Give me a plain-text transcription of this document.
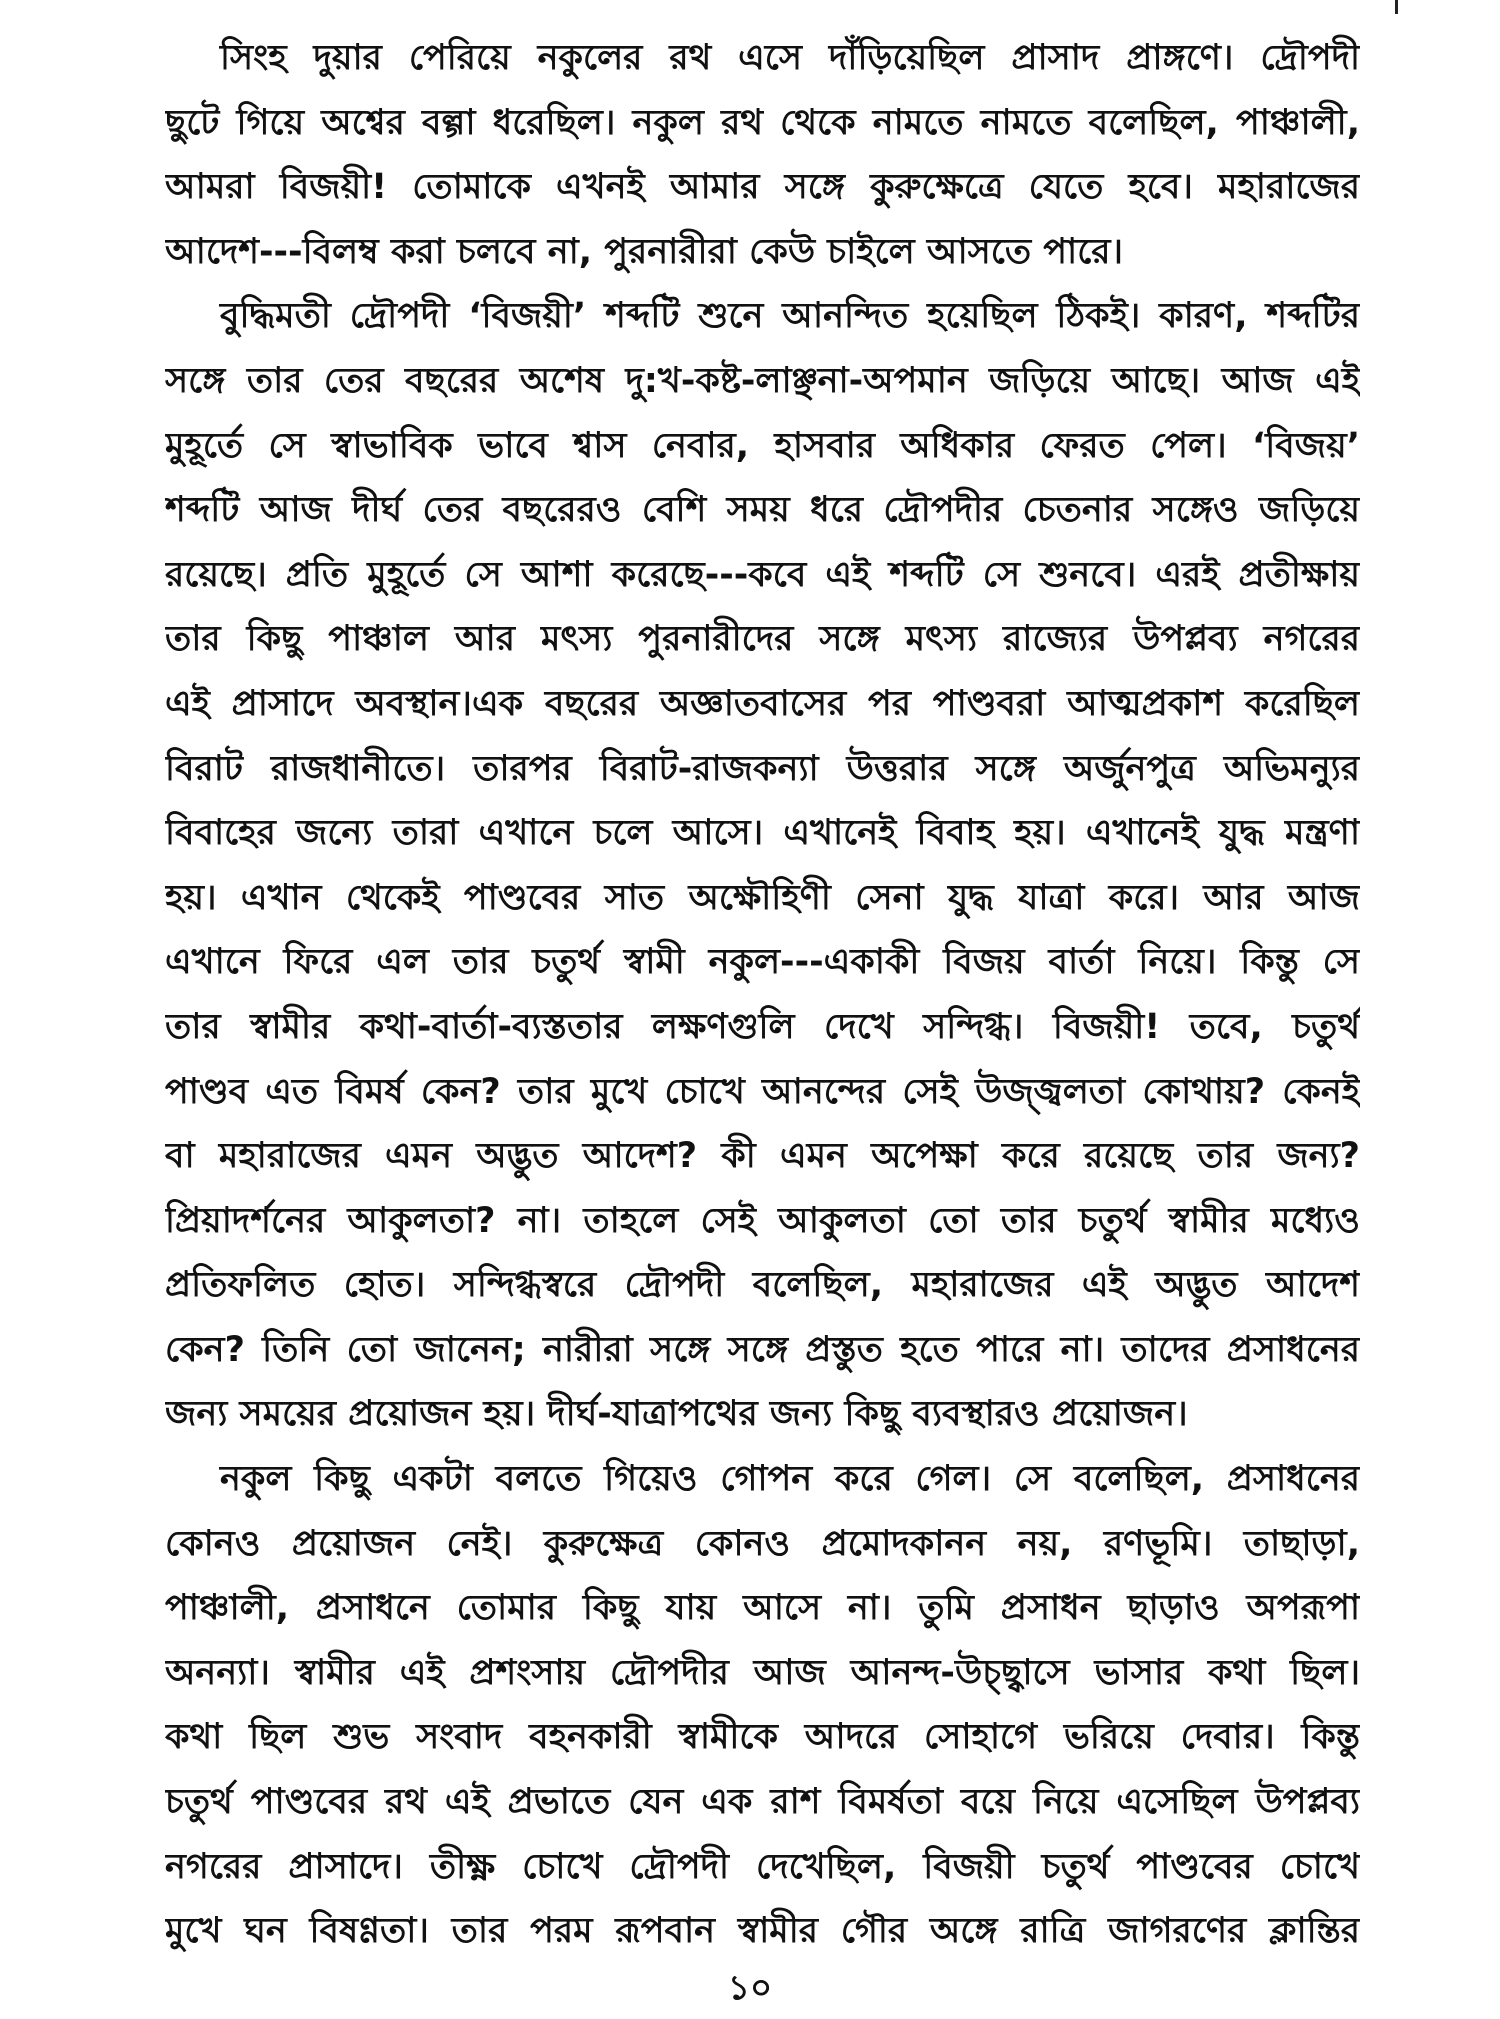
সিংহ দুয়ার পেরিয়ে নকুলের রথ এসে দাঁড়িয়েছিল প্রাসাদ প্রাঙ্গণে। দ্রৌপদী
ছুটে গিয়ে অশ্বের বল্গা ধরেছিল। নকুল রথ থেকে নামতে নামতে বলেছিল, পাঞ্চালী,
আমরা বিজয়ী! তোমাকে এখনই আমার সঙ্গে কুরুক্ষেত্রে যেতে হবে। মহারাজের
আদেশ---বিলম্ব করা চলবে না, পুরনারীরা কেউ চাইলে আসতে পারে।
বুদ্ধিমতী দ্রৌপদী ‘বিজয়ী’ শব্দটি শুনে আনন্দিত হয়েছিল ঠিকই। কারণ, শব্দটির
সঙ্গে তার তের বছরের অশেষ দু:খ-কষ্ট-লাঞ্ছনা-অপমান জড়িয়ে আছে। আজ এই
মুহূর্তে সে স্বাভাবিক ভাবে শ্বাস নেবার, হাসবার অধিকার ফেরত পেল। ‘বিজয়’
শব্দটি আজ দীর্ঘ তের বছরেরও বেশি সময় ধরে দ্রৌপদীর চেতনার সঙ্গেও জড়িয়ে
রয়েছে। প্রতি মুহূর্তে সে আশা করেছে---কবে এই শব্দটি সে শুনবে। এরই প্রতীক্ষায়
তার কিছু পাঞ্চাল আর মৎস্য পুরনারীদের সঙ্গে মৎস্য রাজ্যের উপপ্লব্য নগরের
এই প্রাসাদে অবস্থান।এক বছরের অজ্ঞাতবাসের পর পাণ্ডবরা আত্মপ্রকাশ করেছিল
বিরাট রাজধানীতে। তারপর বিরাট-রাজকন্যা উত্তরার সঙ্গে অর্জুনপুত্র অভিমন্যুর
বিবাহের জন্যে তারা এখানে চলে আসে। এখানেই বিবাহ হয়। এখানেই যুদ্ধ মন্ত্রণা
হয়। এখান থেকেই পাণ্ডবের সাত অক্ষৌহিণী সেনা যুদ্ধ যাত্রা করে। আর আজ
এখানে ফিরে এল তার চতুর্থ স্বামী নকুল---একাকী বিজয় বার্তা নিয়ে। কিন্তু সে
তার স্বামীর কথা-বার্তা-ব্যস্ততার লক্ষণগুলি দেখে সন্দিগ্ধ। বিজয়ী! তবে, চতুর্থ
পাণ্ডব এত বিমর্ষ কেন? তার মুখে চোখে আনন্দের সেই উজ্জ্বলতা কোথায়? কেনই
বা মহারাজের এমন অদ্ভুত আদেশ? কী এমন অপেক্ষা করে রয়েছে তার জন্য?
প্রিয়াদর্শনের আকুলতা? না। তাহলে সেই আকুলতা তো তার চতুর্থ স্বামীর মধ্যেও
প্রতিফলিত হোত। সন্দিগ্ধস্বরে দ্রৌপদী বলেছিল, মহারাজের এই অদ্ভুত আদেশ
কেন? তিনি তো জানেন; নারীরা সঙ্গে সঙ্গে প্রস্তুত হতে পারে না। তাদের প্রসাধনের
জন্য সময়ের প্রয়োজন হয়। দীর্ঘ-যাত্রাপথের জন্য কিছু ব্যবস্থারও প্রয়োজন।
নকুল কিছু একটা বলতে গিয়েও গোপন করে গেল। সে বলেছিল, প্রসাধনের
কোনও প্রয়োজন নেই। কুরুক্ষেত্র কোনও প্রমোদকানন নয়, রণভূমি। তাছাড়া,
পাঞ্চালী, প্রসাধনে তোমার কিছু যায় আসে না। তুমি প্রসাধন ছাড়াও অপরূপা
অনন্যা। স্বামীর এই প্রশংসায় দ্রৌপদীর আজ আনন্দ-উচ্ছ্বাসে ভাসার কথা ছিল।
কথা ছিল শুভ সংবাদ বহনকারী স্বামীকে আদরে সোহাগে ভরিয়ে দেবার। কিন্তু
চতুর্থ পাণ্ডবের রথ এই প্রভাতে যেন এক রাশ বিমর্ষতা বয়ে নিয়ে এসেছিল উপপ্লব্য
নগরের প্রাসাদে। তীক্ষ্ণ চোখে দ্রৌপদী দেখেছিল, বিজয়ী চতুর্থ পাণ্ডবের চোখে
মুখে ঘন বিষণ্ণতা। তার পরম রূপবান স্বামীর গৌর অঙ্গে রাত্রি জাগরণের ক্লান্তির
১০
